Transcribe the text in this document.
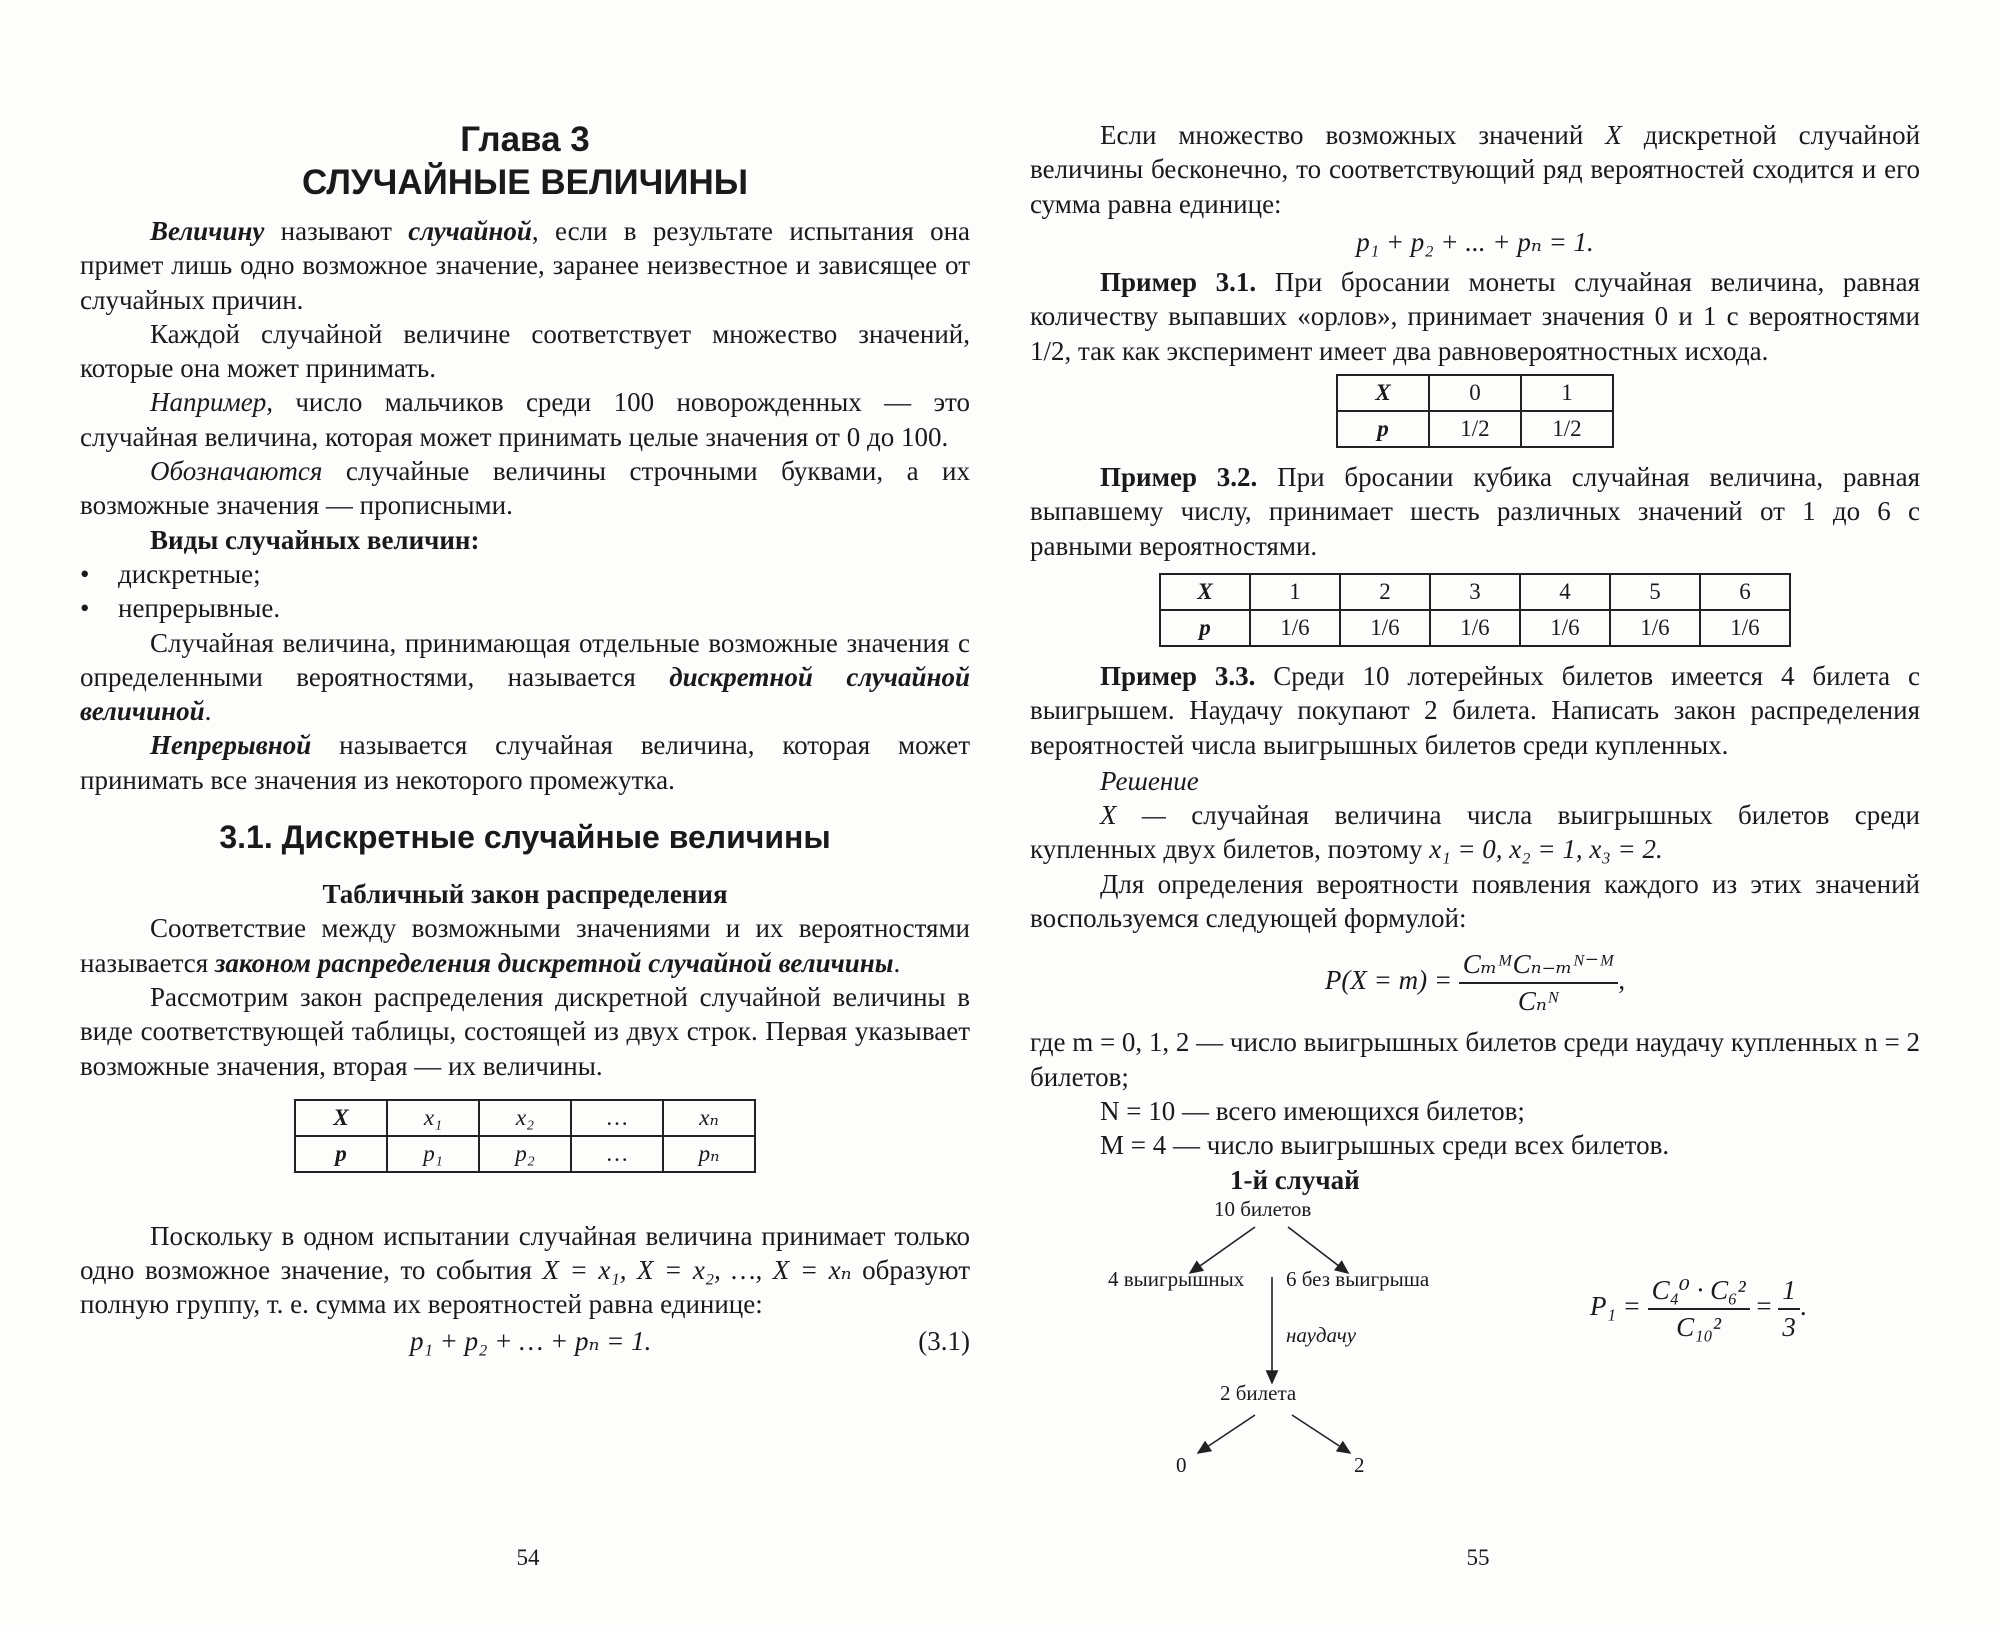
Глава 3
СЛУЧАЙНЫЕ ВЕЛИЧИНЫ

Величину называют случайной, если в результате испытания она примет лишь одно возможное значение, заранее неизвестное и зависящее от случайных причин.

Каждой случайной величине соответствует множество значений, которые она может принимать.

Например, число мальчиков среди 100 новорожденных — это случайная величина, которая может принимать целые значения от 0 до 100.

Обозначаются случайные величины строчными буквами, а их возможные значения — прописными.

Виды случайных величин:

• дискретные;
• непрерывные.

Случайная величина, принимающая отдельные возможные значения с определенными вероятностями, называется дискретной случайной величиной.

Непрерывной называется случайная величина, которая может принимать все значения из некоторого промежутка.

3.1. Дискретные случайные величины

Табличный закон распределения

Соответствие между возможными значениями и их вероятностями называется законом распределения дискретной случайной величины.

Рассмотрим закон распределения дискретной случайной величины в виде соответствующей таблицы, состоящей из двух строк. Первая указывает возможные значения, вторая — их величины.

X	x₁	x₂	…	xₙ
p	p₁	p₂	…	pₙ

Поскольку в одном испытании случайная величина принимает только одно возможное значение, то события X = x₁, X = x₂, …, X = xₙ образуют полную группу, т. е. сумма их вероятностей равна единице:

p₁ + p₂ + … + pₙ = 1.	(3.1)
54

Если множество возможных значений X дискретной случайной величины бесконечно, то соответствующий ряд вероятностей сходится и его сумма равна единице:

p₁ + p₂ + ... + pₙ = 1.

Пример 3.1. При бросании монеты случайная величина, равная количеству выпавших «орлов», принимает значения 0 и 1 с вероятностями 1/2, так как эксперимент имеет два равновероятностных исхода.

X	0	1
p	1/2	1/2

Пример 3.2. При бросании кубика случайная величина, равная выпавшему числу, принимает шесть различных значений от 1 до 6 с равными вероятностями.

X	1	2	3	4	5	6
p	1/6	1/6	1/6	1/6	1/6	1/6

Пример 3.3. Среди 10 лотерейных билетов имеется 4 билета с выигрышем. Наудачу покупают 2 билета. Написать закон распределения вероятностей числа выигрышных билетов среди купленных.

Решение

X — случайная величина числа выигрышных билетов среди купленных двух билетов, поэтому x₁ = 0, x₂ = 1, x₃ = 2.

Для определения вероятности появления каждого из этих значений воспользуемся следующей формулой:

$P(X = m) = \frac{\text{CₘᴹCₙ₋ₘᴺ⁻ᴹ}}{\text{Cₙᴺ}}$ ,

где m = 0, 1, 2 — число выигрышных билетов среди наудачу купленных n = 2 билетов;

N = 10 — всего имеющихся билетов;

M = 4 — число выигрышных среди всех билетов.

1-й случай

10 билетов
4 выигрышных 6 без выигрыша
наудачу
2 билета
0	2
$P_1 = \frac{\text{C₄⁰ · C₆²}}{\text{C₁₀²}} = \frac{1}{3}$ .
55
